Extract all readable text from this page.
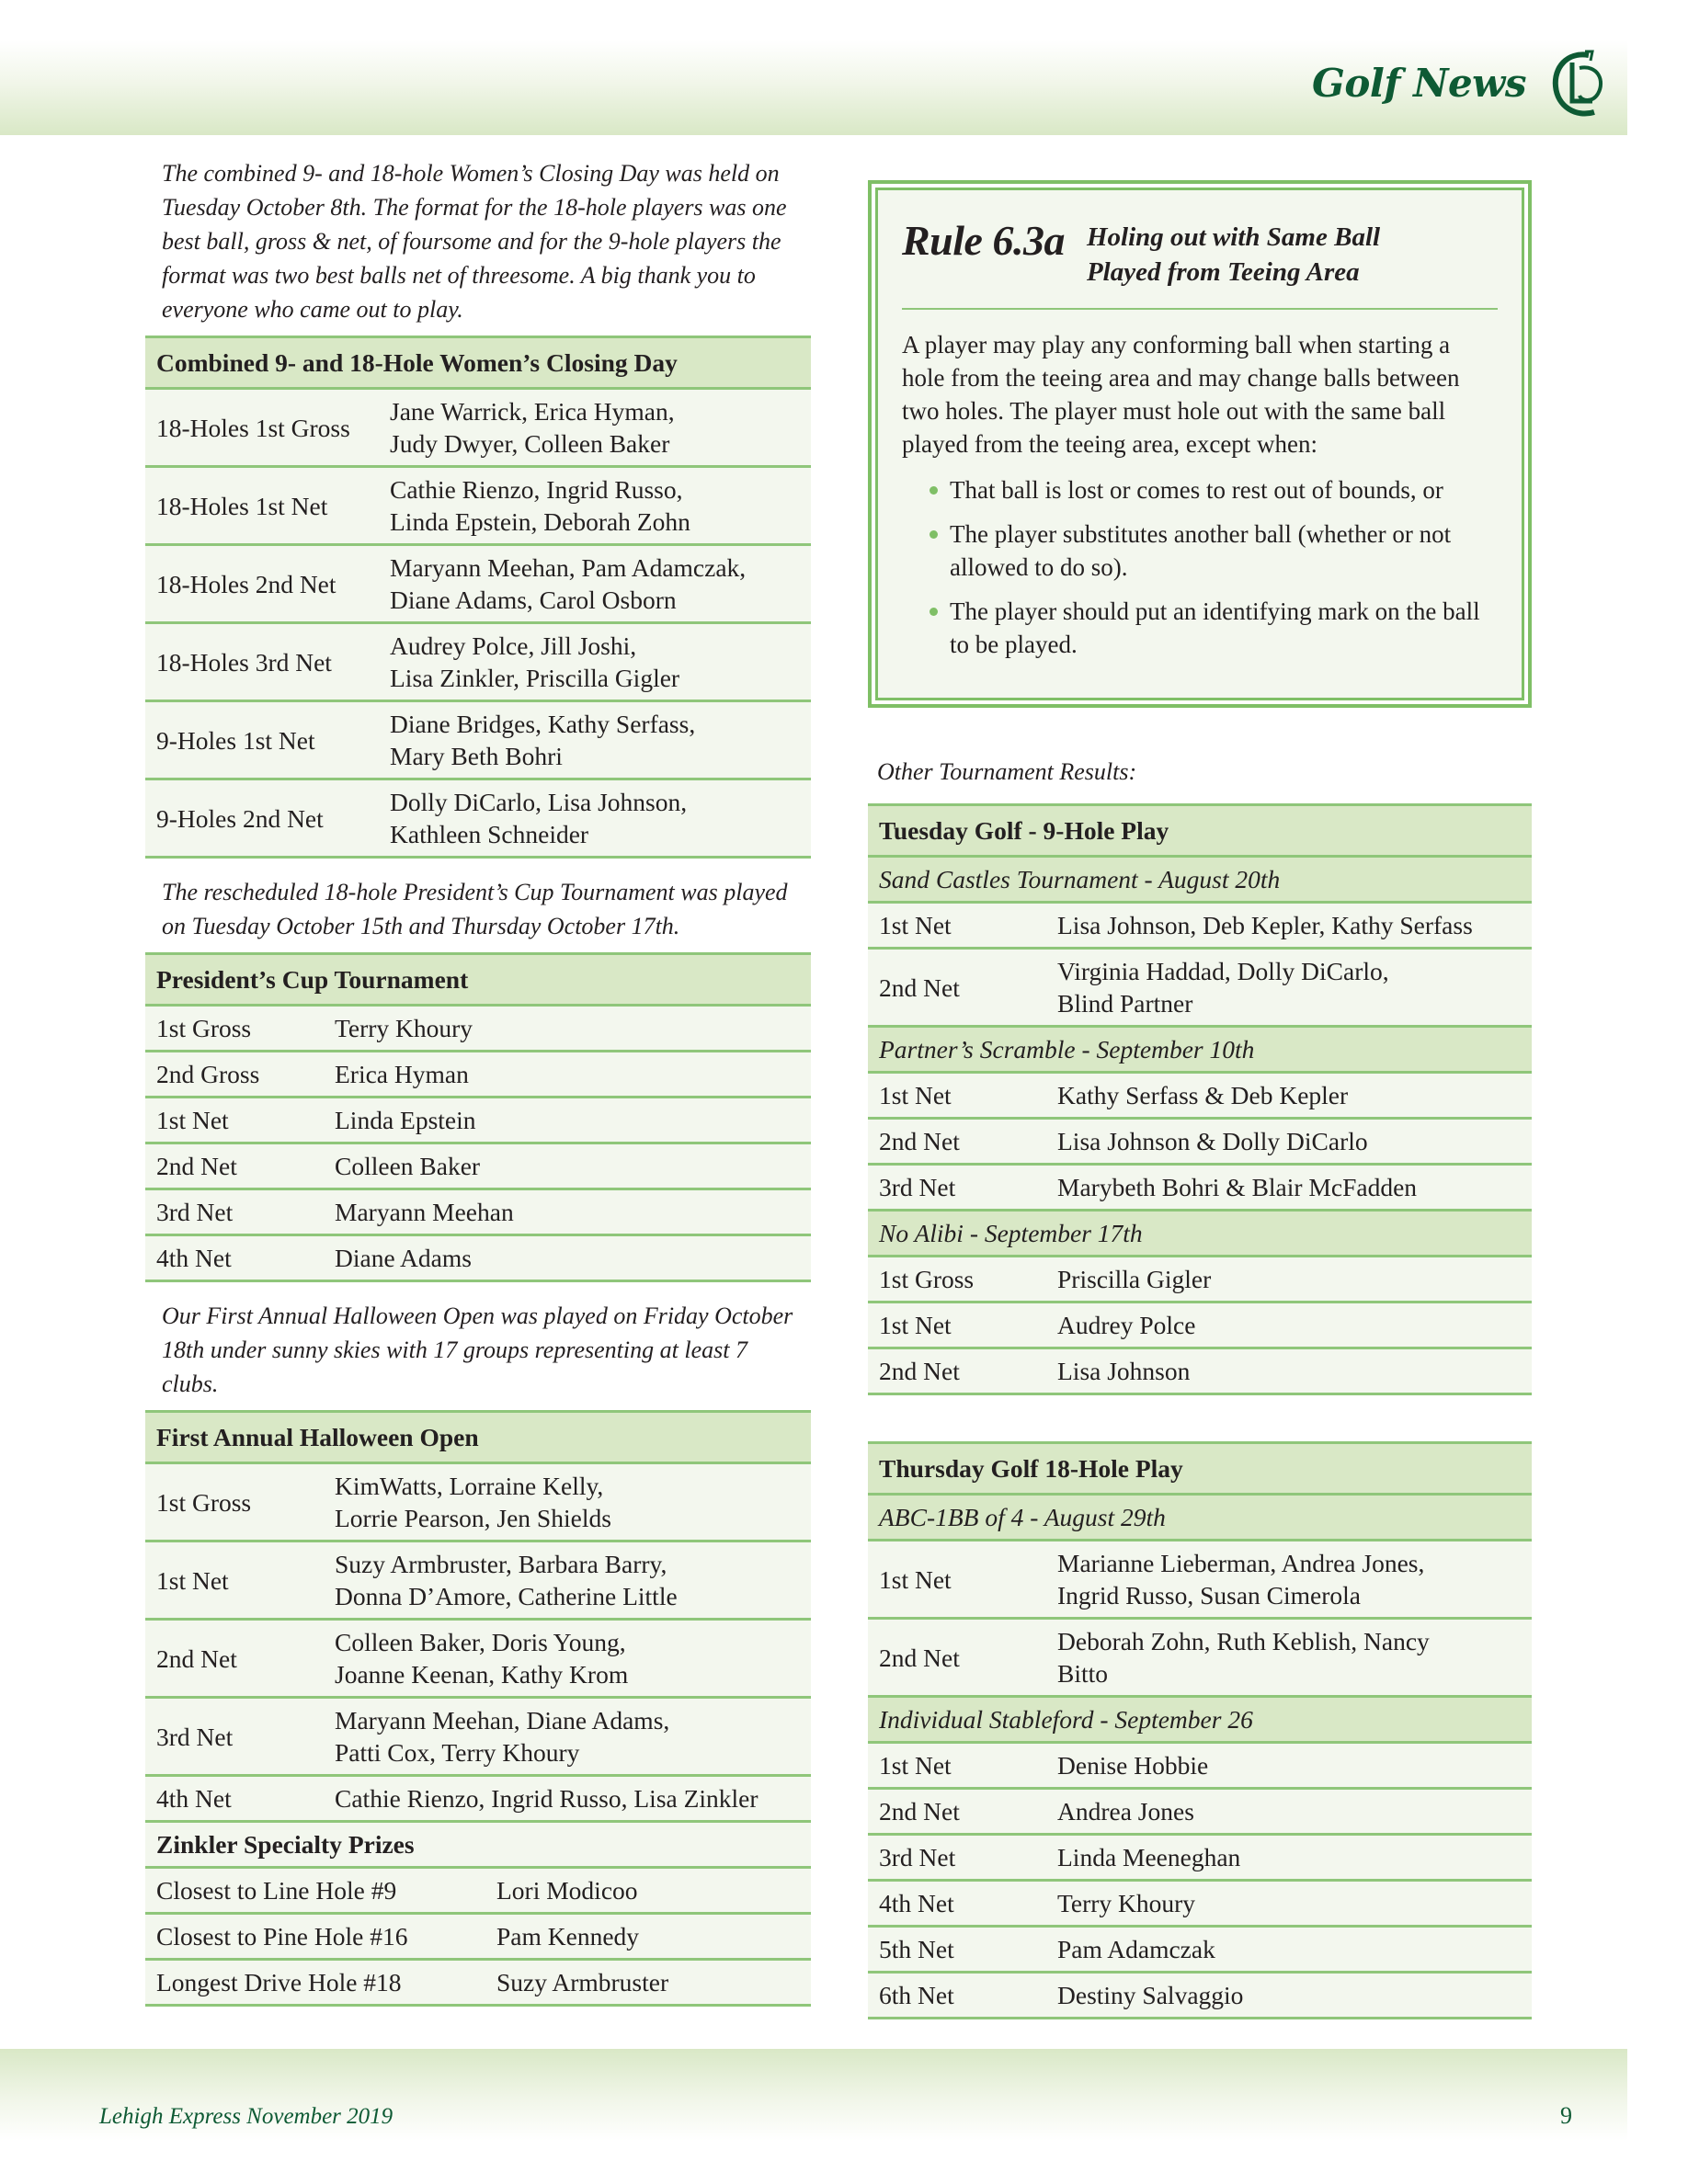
Golf News

The combined 9- and 18-hole Women’s Closing Day was held on Tuesday October 8th. The format for the 18-hole players was one best ball, gross & net, of foursome and for the 9-hole players the format was two best balls net of threesome. A big thank you to everyone who came out to play.

Combined 9- and 18-Hole Women’s Closing Day	
18-Holes 1st Gross	Jane Warrick, Erica Hyman,
Judy Dwyer, Colleen Baker

18-Holes 1st Net	Cathie Rienzo, Ingrid Russo,
Linda Epstein, Deborah Zohn

18-Holes 2nd Net	Maryann Meehan, Pam Adamczak,
Diane Adams, Carol Osborn

18-Holes 3rd Net	Audrey Polce, Jill Joshi,
Lisa Zinkler, Priscilla Gigler

9-Holes 1st Net	Diane Bridges, Kathy Serfass,
Mary Beth Bohri

9-Holes 2nd Net	Dolly DiCarlo, Lisa Johnson,
Kathleen Schneider

The rescheduled 18-hole President’s Cup Tournament was played on Tuesday October 15th and Thursday October 17th.

President’s Cup Tournament	
1st Gross	Terry Khoury
2nd Gross	Erica Hyman
1st Net	Linda Epstein
2nd Net	Colleen Baker
3rd Net	Maryann Meehan
4th Net	Diane Adams

Our First Annual Halloween Open was played on Friday October 18th under sunny skies with 17 groups representing at least 7 clubs.

First Annual Halloween Open		
1st Gross	KimWatts, Lorraine Kelly,
Lorrie Pearson, Jen Shields	

1st Net	Suzy Armbruster, Barbara Barry,
Donna D’Amore, Catherine Little	

2nd Net	Colleen Baker, Doris Young,
Joanne Keenan, Kathy Krom	

3rd Net	Maryann Meehan, Diane Adams,
Patti Cox, Terry Khoury	

4th Net	Cathie Rienzo, Ingrid Russo, Lisa Zinkler	

Zinkler Specialty Prizes		
Closest to Line Hole #9		Lori Modicoo
Closest to Pine Hole #16		Pam Kennedy
Longest Drive Hole #18		Suzy Armbruster
Rule 6.3a Holing out with Same Ball
Played from Teeing Area

A player may play any conforming ball when starting a hole from the teeing area and may change balls between two holes. The player must hole out with the same ball played from the teeing area, except when:

That ball is lost or comes to rest out of bounds, or
The player substitutes another ball (whether or not allowed to do so).
The player should put an identifying mark on the ball to be played.

Other Tournament Results:

Tuesday Golf - 9-Hole Play	
Sand Castles Tournament - August 20th	
1st Net	Lisa Johnson, Deb Kepler, Kathy Serfass

2nd Net	Virginia Haddad, Dolly DiCarlo,
Blind Partner

Partner’s Scramble - September 10th	
1st Net	Kathy Serfass & Deb Kepler

2nd Net	Lisa Johnson & Dolly DiCarlo

3rd Net	Marybeth Bohri & Blair McFadden

No Alibi - September 17th	
1st Gross	Priscilla Gigler

1st Net	Audrey Polce

2nd Net	Lisa Johnson
Thursday Golf 18-Hole Play	
ABC-1BB of 4 - August 29th	
1st Net	Marianne Lieberman, Andrea Jones,
Ingrid Russo, Susan Cimerola

2nd Net	Deborah Zohn, Ruth Keblish, Nancy
Bitto

Individual Stableford - September 26	
1st Net	Denise Hobbie

2nd Net	Andrea Jones

3rd Net	Linda Meeneghan

4th Net	Terry Khoury

5th Net	Pam Adamczak

6th Net	Destiny Salvaggio
Lehigh Express November 2019	9
